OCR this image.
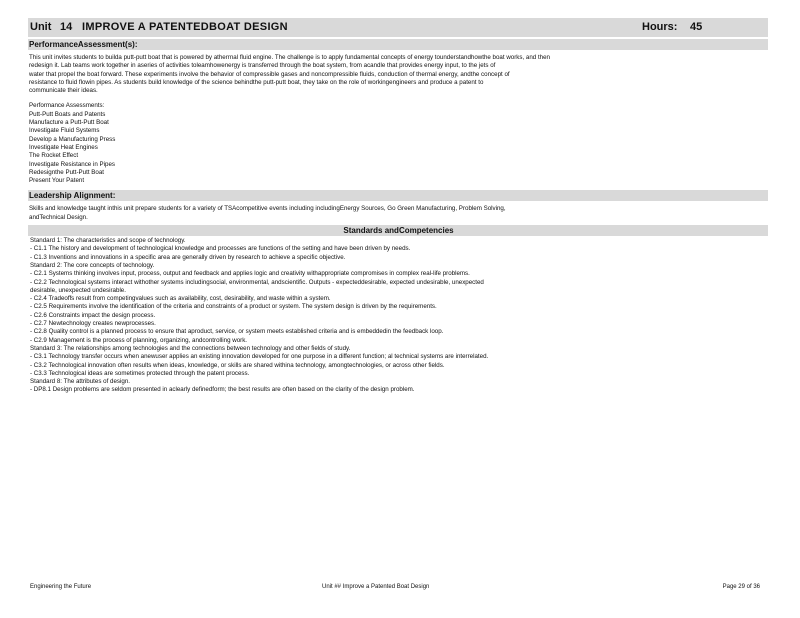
Unit 14 IMPROVE A PATENTEDBOAT DESIGN	Hours:	45
PerformanceAssessment(s):
This unit invites students to builda putt-putt boat that is powered by atherrnal fluid engine. The challenge is to apply fundamental concepts of energy tounderstandhowthe boat works, and then
redesign it. Lab teams work together in aseries of activities toleamhowenergy is transferred through the boat system, from acandle that provides energy input, to the jets of
water that propel the boat forward. These experiments involve the behavior of compressible gases and noncompressible fluids, conduction of thermal energy, andthe concept of
resistance to fluid flowin pipes. As students build knowledge of the science behindthe putt-putt boat, they take on the role of workingengineers and produce a patent to
communicate their ideas.
Performance Assessments:
Putt-Putt Boats and Patents
Manufacture a Putt-Putt Boat
Investigate Fluid Systems
Develop a Manufacturing Press
Investigate Heat Engines
The Rocket Effect
Investigate Resistance in Pipes
Redesignthe Putt-Putt Boat
Present Your Patent
Leadership Alignment:
Skills and knowledge taught inthis unit prepare students for a variety of TSAcompetitive events including includingEnergy Sources, Go Green Manufacturing, Problem Solving,
andTechnical Design.
Standards andCompetencies
Standard 1: The characteristics and scope of technology.
- C1.1 The history and development of technological knowledge and processes are functions of the setting and have been driven by needs.
- C1.3 Inventions and innovations in a specific area are generally driven by research to achieve a specific objective.
Standard 2: The core concepts of technology.
- C2.1 Systems thinking involves input, process, output and feedback and applies logic and creativity withappropriate compromises in complex real-life problems.
- C2.2 Technological systems interact withother systems includingsocial, environmental, andscientific. Outputs - expecteddesirable, expected undesirable, unexpected
desirable, unexpected undesirable.
- C2.4 Tradeoffs result from competingvalues such as availability, cost, desirability, and waste within a system.
- C2.5 Requirements involve the identification of the criteria and constraints of a product or system. The system design is driven by the requirements.
- C2.6 Constraints impact the design process.
- C2.7 Newtechnology creates newprocesses.
- C2.8 Quality control is a planned process to ensure that aproduct, service, or system meets established criteria and is embeddedin the feedback loop.
- C2.9 Management is the process of planning, organizing, andcontrolling work.
Standard 3: The relationships among technologies and the connections between technology and other fields of study.
- C3.1 Technology transfer occurs when anewuser applies an existing innovation developed for one purpose in a different function; al technical systems are interrelated.
- C3.2 Technological innovation often results when ideas, knowledge, or skills are shared withina technology, amongtechnologies, or across other fields.
- C3.3 Technological ideas are sometimes protected through the patent process.
Standard 8: The attributes of design.
- DP8.1 Design problems are seldom presented in aclearly definedform; the best results are often based on the clarity of the design problem.
Engineering the Future	Unit ## Improve a Patented Boat Design	Page 29 of 36
